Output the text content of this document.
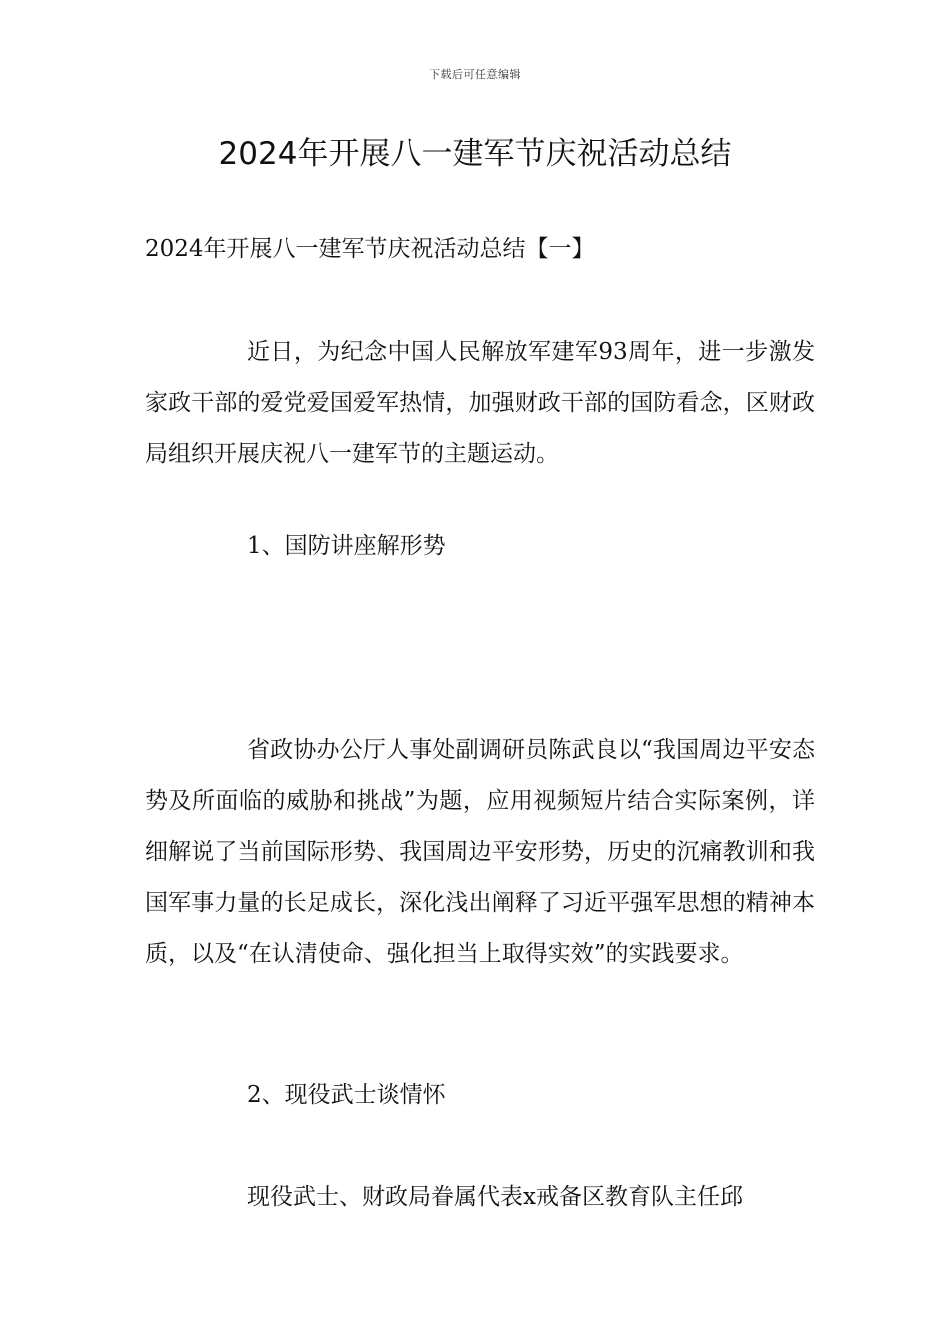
下载后可任意编辑
2024年开展八一建军节庆祝活动总结

2024年开展八一建军节庆祝活动总结【一】

近日，为纪念中国人民解放军建军93周年，进一步激发家政干部的爱党爱国爱军热情，加强财政干部的国防看念，区财政局组织开展庆祝八一建军节的主题运动。

1、国防讲座解形势

省政协办公厅人事处副调研员陈武良以“我国周边平安态势及所面临的威胁和挑战”为题，应用视频短片结合实际案例，详细解说了当前国际形势、我国周边平安形势，历史的沉痛教训和我国军事力量的长足成长，深化浅出阐释了习近平强军思想的精神本质，以及“在认清使命、强化担当上取得实效”的实践要求。

2、现役武士谈情怀

现役武士、财政局眷属代表x戒备区教育队主任邱
